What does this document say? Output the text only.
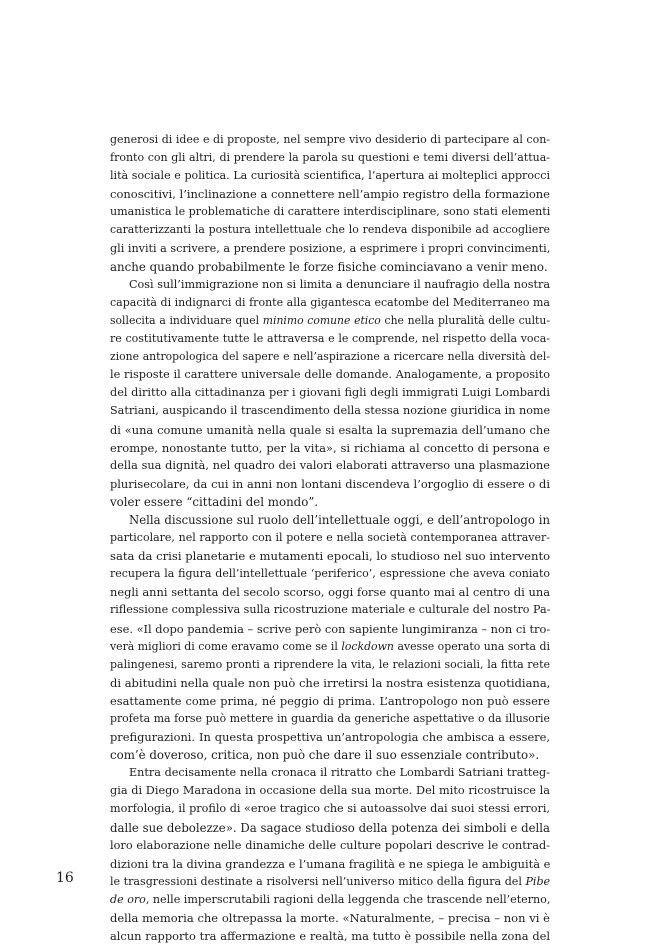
generosi di idee e di proposte, nel sempre vivo desiderio di partecipare al con-
fronto con gli altri, di prendere la parola su questioni e temi diversi dell’attua-
lità sociale e politica. La curiosità scientifica, l’apertura ai molteplici approcci
conoscitivi, l’inclinazione a connettere nell’ampio registro della formazione
umanistica le problematiche di carattere interdisciplinare, sono stati elementi
caratterizzanti la postura intellettuale che lo rendeva disponibile ad accogliere
gli inviti a scrivere, a prendere posizione, a esprimere i propri convincimenti,
anche quando probabilmente le forze fisiche cominciavano a venir meno.
Così sull’immigrazione non si limita a denunciare il naufragio della nostra
capacità di indignarci di fronte alla gigantesca ecatombe del Mediterraneo ma
sollecita a individuare quel minimo comune etico che nella pluralità delle cultu-
re costitutivamente tutte le attraversa e le comprende, nel rispetto della voca-
zione antropologica del sapere e nell’aspirazione a ricercare nella diversità del-
le risposte il carattere universale delle domande. Analogamente, a proposito
del diritto alla cittadinanza per i giovani figli degli immigrati Luigi Lombardi
Satriani, auspicando il trascendimento della stessa nozione giuridica in nome
di «una comune umanità nella quale si esalta la supremazia dell’umano che
erompe, nonostante tutto, per la vita», si richiama al concetto di persona e
della sua dignità, nel quadro dei valori elaborati attraverso una plasmazione
plurisecolare, da cui in anni non lontani discendeva l’orgoglio di essere o di
voler essere “cittadini del mondo”.
Nella discussione sul ruolo dell’intellettuale oggi, e dell’antropologo in
particolare, nel rapporto con il potere e nella società contemporanea attraver-
sata da crisi planetarie e mutamenti epocali, lo studioso nel suo intervento
recupera la figura dell’intellettuale ‘periferico’, espressione che aveva coniato
negli anni settanta del secolo scorso, oggi forse quanto mai al centro di una
riflessione complessiva sulla ricostruzione materiale e culturale del nostro Pa-
ese. «Il dopo pandemia – scrive però con sapiente lungimiranza – non ci tro-
verà migliori di come eravamo come se il lockdown avesse operato una sorta di
palingenesi, saremo pronti a riprendere la vita, le relazioni sociali, la fitta rete
di abitudini nella quale non può che irretirsi la nostra esistenza quotidiana,
esattamente come prima, né peggio di prima. L’antropologo non può essere
profeta ma forse può mettere in guardia da generiche aspettative o da illusorie
prefigurazioni. In questa prospettiva un’antropologia che ambisca a essere,
com’è doveroso, critica, non può che dare il suo essenziale contributo».
Entra decisamente nella cronaca il ritratto che Lombardi Satriani tratteg-
gia di Diego Maradona in occasione della sua morte. Del mito ricostruisce la
morfologia, il profilo di «eroe tragico che si autoassolve dai suoi stessi errori,
dalle sue debolezze». Da sagace studioso della potenza dei simboli e della
loro elaborazione nelle dinamiche delle culture popolari descrive le contrad-
dizioni tra la divina grandezza e l’umana fragilità e ne spiega le ambiguità e
le trasgressioni destinate a risolversi nell’universo mitico della figura del Pibe
de oro, nelle imperscrutabili ragioni della leggenda che trascende nell’eterno,
della memoria che oltrepassa la morte. «Naturalmente, – precisa – non vi è
alcun rapporto tra affermazione e realtà, ma tutto è possibile nella zona del
16
